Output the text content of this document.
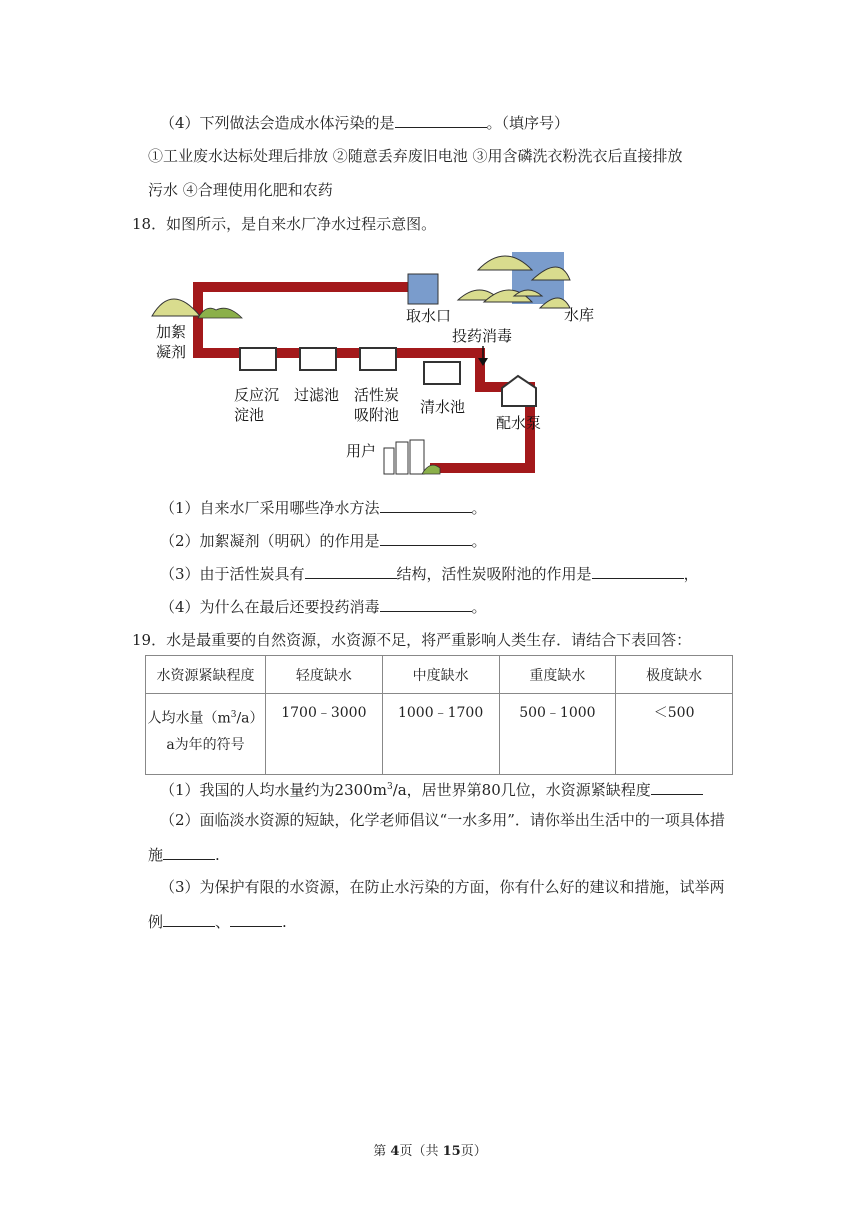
（4）下列做法会造成水体污染的是	。（填序号）
①工业废水达标处理后排放 ②随意丢弃废旧电池 ③用含磷洗衣粉洗衣后直接排放
污水 ④合理使用化肥和农药
18．如图所示，是自来水厂净水过程示意图。
取水口	水库
投药消毒
加絮
凝剂
反应沉
淀池
过滤池 活性炭
吸附池 清水池
配水泵
用户
（1）自来水厂采用哪些净水方法	。
（2）加絮凝剂（明矾）的作用是	。
（3）由于活性炭具有	结构，活性炭吸附池的作用是	，
（4）为什么在最后还要投药消毒	。
19．水是最重要的自然资源，水资源不足，将严重影响人类生存．请结合下表回答：
水资源紧缺程度	轻度缺水	中度缺水	重度缺水	极度缺水
人均水量$(m^3/a)$
a为年的符号	1700﹣3000	1000﹣1700	500﹣1000	＜500
（1）我国的人均水量约为$2300m^3/a$，居世界第80几位，水资源紧缺程度
（2）面临淡水资源的短缺，化学老师倡议“一水多用”．请你举出生活中的一项具体措
施	.
（3）为保护有限的水资源，在防止水污染的方面，你有什么好的建议和措施，试举两
例	、	.
第 4页（共 15页）
